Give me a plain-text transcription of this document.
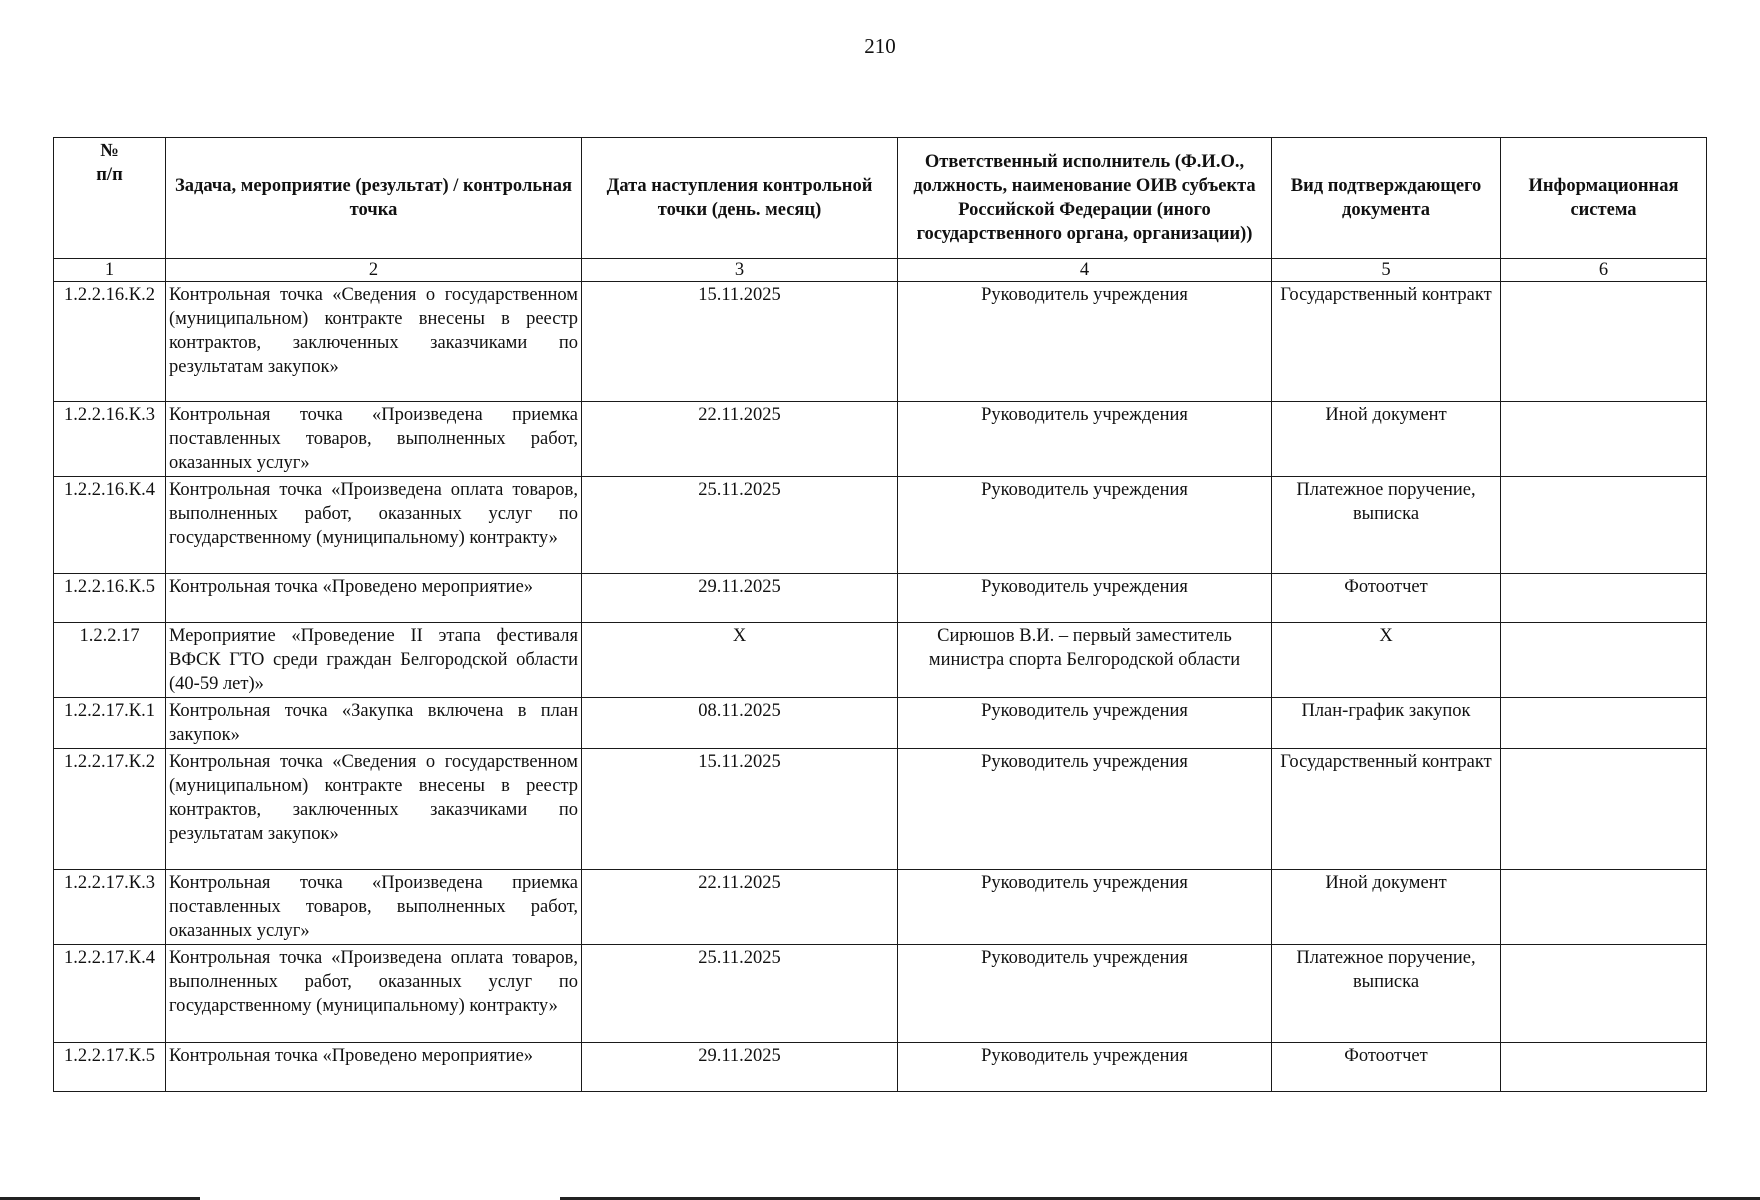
210
№
п/п	Задача, мероприятие (результат) / контрольная точка	Дата наступления контрольной точки (день. месяц)	Ответственный исполнитель (Ф.И.О., должность, наименование ОИВ субъекта Российской Федерации (иного государственного органа, организации))	Вид подтверждающего документа	Информационная система
1	2	3	4	5	6
1.2.2.16.К.2	Контрольная точка «Сведения о государственном (муниципальном) контракте внесены в реестр контрактов, заключенных заказчиками по результатам закупок»	15.11.2025	Руководитель учреждения	Государственный контракт	
1.2.2.16.К.3	Контрольная точка «Произведена приемка поставленных товаров, выполненных работ, оказанных услуг»	22.11.2025	Руководитель учреждения	Иной документ	
1.2.2.16.К.4	Контрольная точка «Произведена оплата товаров, выполненных работ, оказанных услуг по государственному (муниципальному) контракту»	25.11.2025	Руководитель учреждения	Платежное поручение, выписка	
1.2.2.16.К.5	Контрольная точка «Проведено мероприятие»	29.11.2025	Руководитель учреждения	Фотоотчет	
1.2.2.17	Мероприятие «Проведение II этапа фестиваля ВФСК ГТО среди граждан Белгородской области (40-59 лет)»	Х	Сирюшов В.И. – первый заместитель министра спорта Белгородской области	Х	
1.2.2.17.К.1	Контрольная точка «Закупка включена в план закупок»	08.11.2025	Руководитель учреждения	План-график закупок	
1.2.2.17.К.2	Контрольная точка «Сведения о государственном (муниципальном) контракте внесены в реестр контрактов, заключенных заказчиками по результатам закупок»	15.11.2025	Руководитель учреждения	Государственный контракт	
1.2.2.17.К.3	Контрольная точка «Произведена приемка поставленных товаров, выполненных работ, оказанных услуг»	22.11.2025	Руководитель учреждения	Иной документ	
1.2.2.17.К.4	Контрольная точка «Произведена оплата товаров, выполненных работ, оказанных услуг по государственному (муниципальному) контракту»	25.11.2025	Руководитель учреждения	Платежное поручение, выписка	
1.2.2.17.К.5	Контрольная точка «Проведено мероприятие»	29.11.2025	Руководитель учреждения	Фотоотчет	
